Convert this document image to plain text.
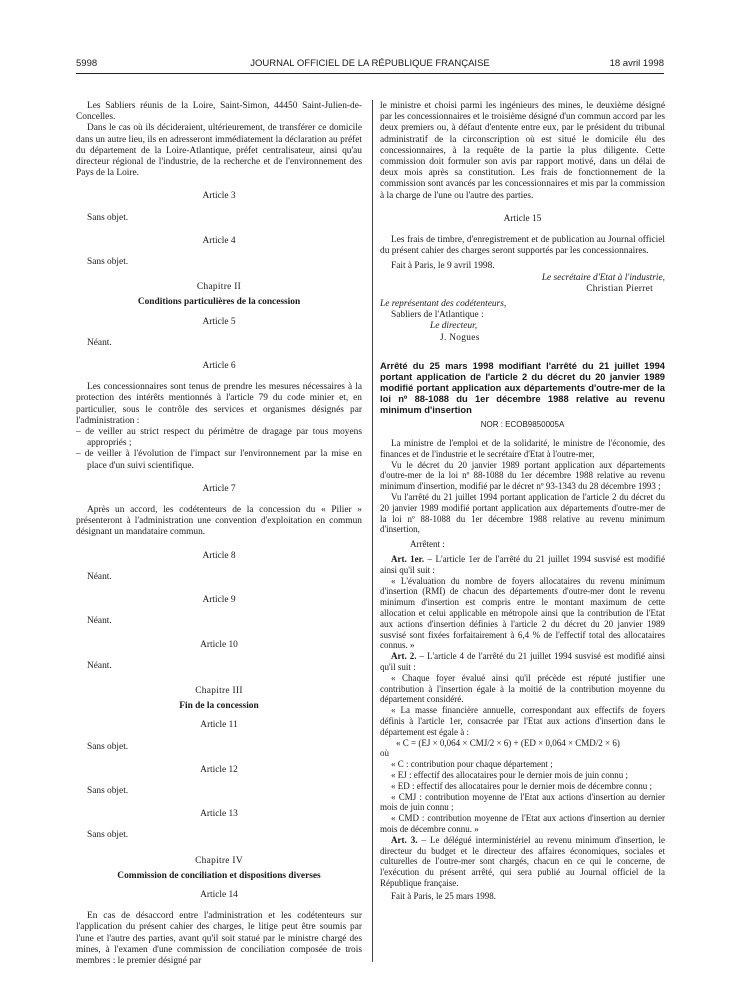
5998	JOURNAL OFFICIEL DE LA RÉPUBLIQUE FRANÇAISE	18 avril 1998

Les Sabliers réunis de la Loire, Saint-Simon, 44450 Saint-Julien-de-Concelles.

Dans le cas où ils décideraient, ultérieurement, de transférer ce domicile dans un autre lieu, ils en adresseront immédiatement la déclaration au préfet du département de la Loire-Atlantique, préfet centralisateur, ainsi qu'au directeur régional de l'industrie, de la recherche et de l'environnement des Pays de la Loire.

Article 3

Sans objet.

Article 4

Sans objet.

Chapitre II
Conditions particulières de la concession
Article 5

Néant.

Article 6

Les concessionnaires sont tenus de prendre les mesures nécessaires à la protection des intérêts mentionnés à l'article 79 du code minier et, en particulier, sous le contrôle des services et organismes désignés par l'administration :

– de veiller au strict respect du périmètre de dragage par tous moyens appropriés ;

– de veiller à l'évolution de l'impact sur l'environnement par la mise en place d'un suivi scientifique.

Article 7

Après un accord, les codétenteurs de la concession du « Pilier » présenteront à l'administration une convention d'exploitation en commun désignant un mandataire commun.

Article 8

Néant.

Article 9

Néant.

Article 10

Néant.

Chapitre III
Fin de la concession
Article 11

Sans objet.

Article 12

Sans objet.

Article 13

Sans objet.

Chapitre IV
Commission de conciliation et dispositions diverses
Article 14

En cas de désaccord entre l'administration et les codétenteurs sur l'application du présent cahier des charges, le litige peut être soumis par l'une et l'autre des parties, avant qu'il soit statué par le ministre chargé des mines, à l'examen d'une commission de conciliation composée de trois membres : le premier désigné par

le ministre et choisi parmi les ingénieurs des mines, le deuxième désigné par les concessionnaires et le troisième désigné d'un commun accord par les deux premiers ou, à défaut d'entente entre eux, par le président du tribunal administratif de la circonscription où est situé le domicile élu des concessionnaires, à la requête de la partie la plus diligente. Cette commission doit formuler son avis par rapport motivé, dans un délai de deux mois après sa constitution. Les frais de fonctionnement de la commission sont avancés par les concessionnaires et mis par la commission à la charge de l'une ou l'autre des parties.

Article 15

Les frais de timbre, d'enregistrement et de publication au Journal officiel du présent cahier des charges seront supportés par les concessionnaires.

Fait à Paris, le 9 avril 1998.

Le secrétaire d'Etat à l'industrie,

Christian Pierret

Le représentant des codétenteurs,

Sabliers de l'Atlantique :

Le directeur,

J. Nogues

Arrêté du 25 mars 1998 modifiant l'arrêté du 21 juillet 1994 portant application de l'article 2 du décret du 20 janvier 1989 modifié portant application aux départements d'outre-mer de la loi nº 88-1088 du 1er décembre 1988 relative au revenu minimum d'insertion
NOR : ECOB9850005A

La ministre de l'emploi et de la solidarité, le ministre de l'économie, des finances et de l'industrie et le secrétaire d'Etat à l'outre-mer,

Vu le décret du 20 janvier 1989 portant application aux départements d'outre-mer de la loi nº 88-1088 du 1er décembre 1988 relative au revenu minimum d'insertion, modifié par le décret nº 93-1343 du 28 décembre 1993 ;

Vu l'arrêté du 21 juillet 1994 portant application de l'article 2 du décret du 20 janvier 1989 modifié portant application aux départements d'outre-mer de la loi nº 88-1088 du 1er décembre 1988 relative au revenu minimum d'insertion,

Arrêtent :

Art. 1er. – L'article 1er de l'arrêté du 21 juillet 1994 susvisé est modifié ainsi qu'il suit :

« L'évaluation du nombre de foyers allocataires du revenu minimum d'insertion (RMI) de chacun des départements d'outre-mer dont le revenu minimum d'insertion est compris entre le montant maximum de cette allocation et celui applicable en métropole ainsi que la contribution de l'Etat aux actions d'insertion définies à l'article 2 du décret du 20 janvier 1989 susvisé sont fixées forfaitairement à 6,4 % de l'effectif total des allocataires connus. »

Art. 2. – L'article 4 de l'arrêté du 21 juillet 1994 susvisé est modifié ainsi qu'il suit :

« Chaque foyer évalué ainsi qu'il précède est réputé justifier une contribution à l'insertion égale à la moitié de la contribution moyenne du département considéré.

« La masse financière annuelle, correspondant aux effectifs de foyers définis à l'article 1er, consacrée par l'Etat aux actions d'insertion dans le département est égale à :

« C = (EJ × 0,064 × CMJ/2 × 6) + (ED × 0,064 × CMD/2 × 6)

où

« C : contribution pour chaque département ;

« EJ : effectif des allocataires pour le dernier mois de juin connu ;

« ED : effectif des allocataires pour le dernier mois de décembre connu ;

« CMJ : contribution moyenne de l'Etat aux actions d'insertion au dernier mois de juin connu ;

« CMD : contribution moyenne de l'Etat aux actions d'insertion au dernier mois de décembre connu. »

Art. 3. – Le délégué interministériel au revenu minimum d'insertion, le directeur du budget et le directeur des affaires économiques, sociales et culturelles de l'outre-mer sont chargés, chacun en ce qui le concerne, de l'exécution du présent arrêté, qui sera publié au Journal officiel de la République française.

Fait à Paris, le 25 mars 1998.
